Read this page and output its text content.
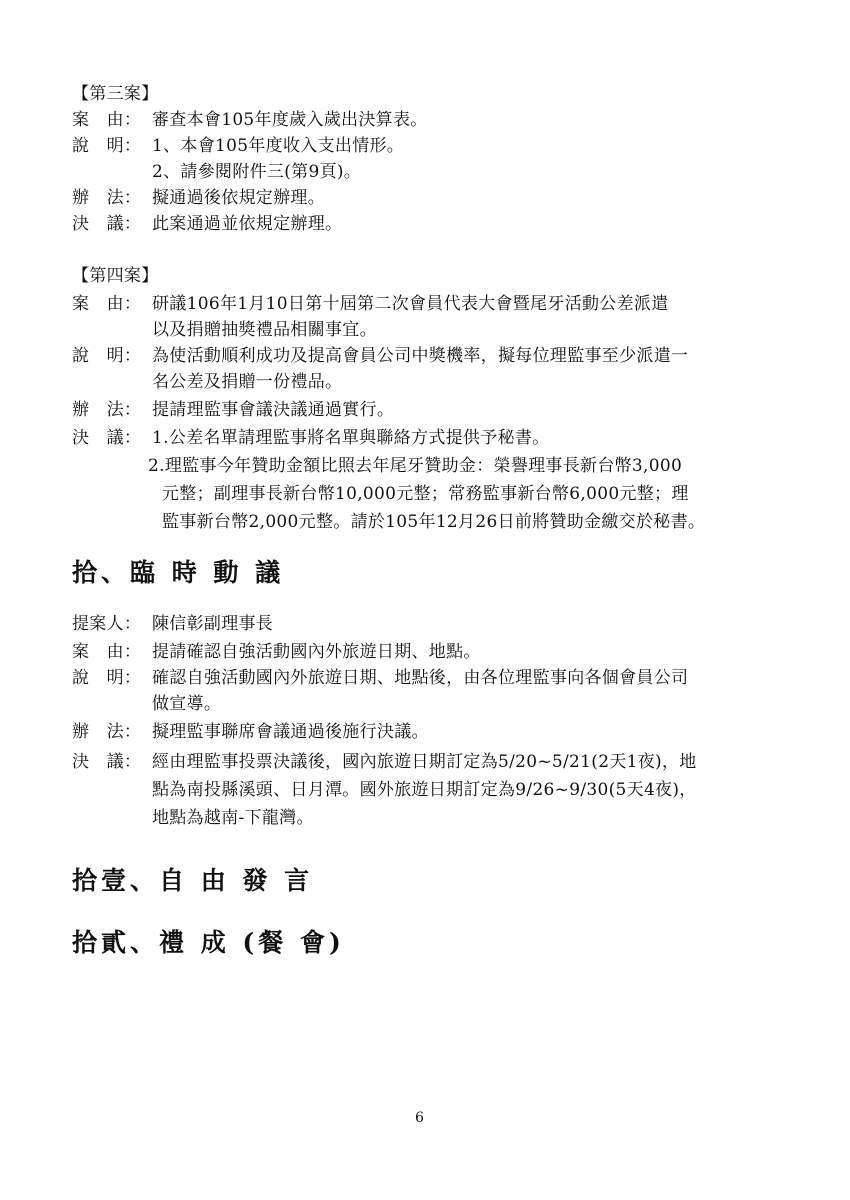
【第三案】
案　由： 審查本會105年度歲入歲出決算表。
說　明： 1、本會105年度收入支出情形。
2、請參閱附件三(第9頁)。
辦　法： 擬通過後依規定辦理。
決　議： 此案通過並依規定辦理。
【第四案】
案　由： 研議106年1月10日第十屆第二次會員代表大會暨尾牙活動公差派遣
以及捐贈抽獎禮品相關事宜。
說　明： 為使活動順利成功及提高會員公司中獎機率，擬每位理監事至少派遣一
名公差及捐贈一份禮品。
辦　法： 提請理監事會議決議通過實行。
決　議： 1.公差名單請理監事將名單與聯絡方式提供予秘書。
2.理監事今年贊助金額比照去年尾牙贊助金：榮譽理事長新台幣3,000
元整；副理事長新台幣10,000元整；常務監事新台幣6,000元整；理
監事新台幣2,000元整。請於105年12月26日前將贊助金繳交於秘書。
拾、臨 時 動 議
提案人： 陳信彰副理事長
案　由： 提請確認自強活動國內外旅遊日期、地點。
說　明： 確認自強活動國內外旅遊日期、地點後，由各位理監事向各個會員公司
做宣導。
辦　法： 擬理監事聯席會議通過後施行決議。
決　議： 經由理監事投票決議後，國內旅遊日期訂定為5/20~5/21(2天1夜)，地
點為南投縣溪頭、日月潭。國外旅遊日期訂定為9/26~9/30(5天4夜)，
地點為越南-下龍灣。
拾壹、自 由 發 言
拾貳、禮 成 (餐 會)
6
